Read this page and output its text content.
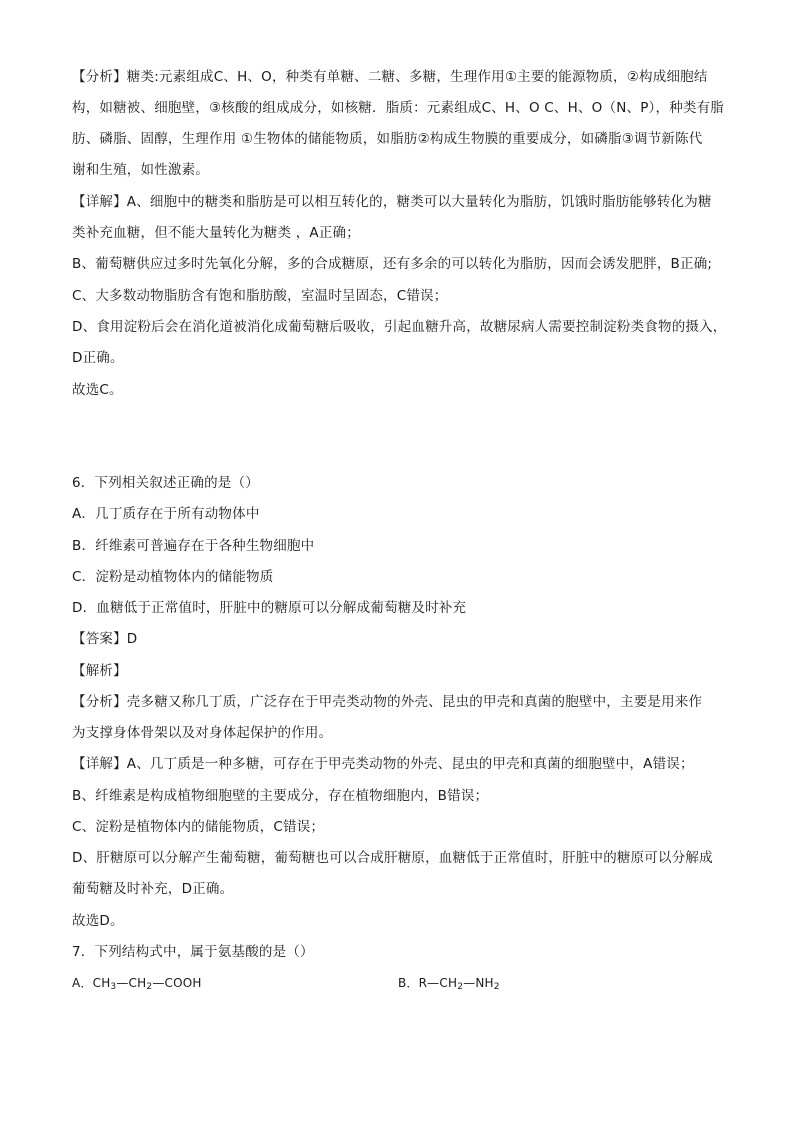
【分析】糖类:元素组成C、H、O，种类有单糖、二糖、多糖，生理作用①主要的能源物质，②构成细胞结
构，如糖被、细胞壁，③核酸的组成成分，如核糖．脂质：元素组成C、H、O C、H、O（N、P），种类有脂
肪、磷脂、固醇，生理作用 ①生物体的储能物质，如脂肪②构成生物膜的重要成分，如磷脂③调节新陈代
谢和生殖，如性激素。
【详解】A、细胞中的糖类和脂肪是可以相互转化的，糖类可以大量转化为脂肪，饥饿时脂肪能够转化为糖
类补充血糖，但不能大量转化为糖类 ，A正确；
B、葡萄糖供应过多时先氧化分解，多的合成糖原，还有多余的可以转化为脂肪，因而会诱发肥胖，B正确;
C、大多数动物脂肪含有饱和脂肪酸，室温时呈固态，C错误；
D、食用淀粉后会在消化道被消化成葡萄糖后吸收，引起血糖升高，故糖尿病人需要控制淀粉类食物的摄入，
D正确。
故选C。
6．下列相关叙述正确的是（）
A．几丁质存在于所有动物体中
B．纤维素可普遍存在于各种生物细胞中
C．淀粉是动植物体内的储能物质
D．血糖低于正常值时，肝脏中的糖原可以分解成葡萄糖及时补充
【答案】D
【解析】
【分析】壳多糖又称几丁质，广泛存在于甲壳类动物的外壳、昆虫的甲壳和真菌的胞壁中，主要是用来作
为支撑身体骨架以及对身体起保护的作用。
【详解】A、几丁质是一种多糖，可存在于甲壳类动物的外壳、昆虫的甲壳和真菌的细胞壁中，A错误；
B、纤维素是构成植物细胞壁的主要成分，存在植物细胞内，B错误；
C、淀粉是植物体内的储能物质，C错误；
D、肝糖原可以分解产生葡萄糖，葡萄糖也可以合成肝糖原，血糖低于正常值时，肝脏中的糖原可以分解成
葡萄糖及时补充，D正确。
故选D。
7．下列结构式中，属于氨基酸的是（）
A．$CH_3—CH_2—COOH$	B．$R—CH_2—NH_2$
